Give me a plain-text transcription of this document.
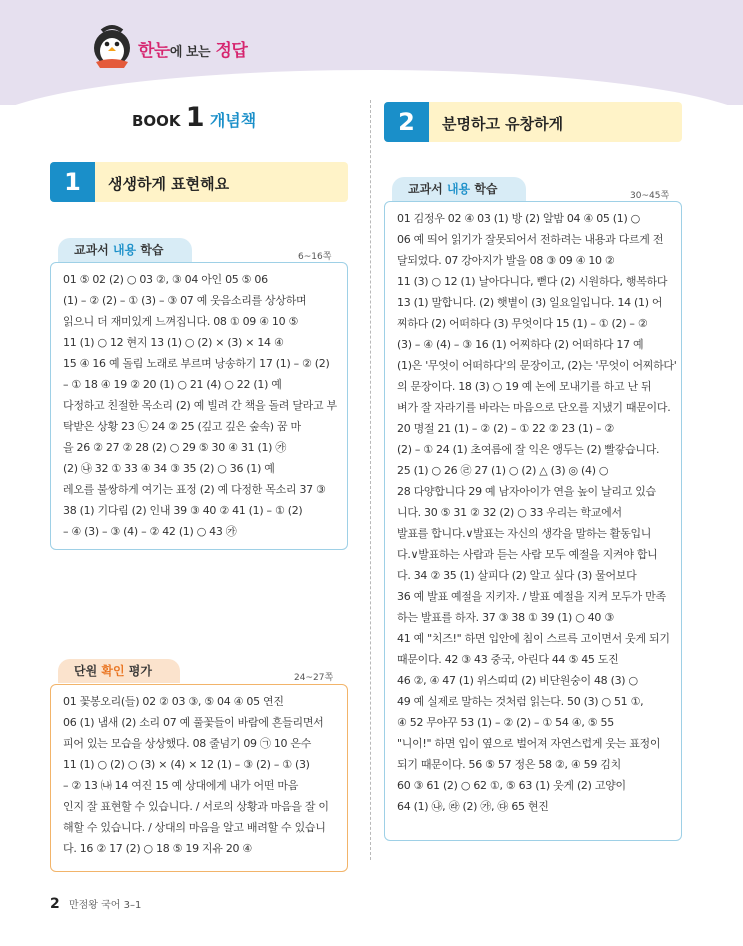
한눈에 보는 정답
BOOK 1 개념책
1	생생하게 표현해요
교과서 내용 학습	6~16쪽
01 ⑤ 02 (2) ○ 03 ②, ③ 04 아인 05 ⑤ 06
(1) – ② (2) – ① (3) – ③ 07 예 웃음소리를 상상하며
읽으니 더 재미있게 느껴집니다. 08 ① 09 ④ 10 ⑤
11 (1) ○ 12 현지 13 (1) ○ (2) × (3) × 14 ④
15 ④ 16 예 돌림 노래로 부르며 낭송하기 17 (1) – ② (2)
– ① 18 ④ 19 ② 20 (1) ○ 21 (4) ○ 22 (1) 예
다정하고 친절한 목소리 (2) 예 빌려 간 책을 돌려 달라고 부
탁받은 상황 23 ㉡ 24 ② 25 (깊고 깊은 숲속) 꿈 마
을 26 ② 27 ② 28 (2) ○ 29 ⑤ 30 ④ 31 (1) ㉮
(2) ㉯ 32 ① 33 ④ 34 ③ 35 (2) ○ 36 (1) 예
레오를 불쌍하게 여기는 표정 (2) 예 다정한 목소리 37 ③
38 (1) 기다림 (2) 인내 39 ③ 40 ② 41 (1) – ① (2)
– ④ (3) – ③ (4) – ② 42 (1) ○ 43 ㉮
단원 확인 평가	24~27쪽
01 꽃봉오리(들) 02 ② 03 ③, ⑤ 04 ④ 05 연진
06 (1) 냄새 (2) 소리 07 예 풀꽃들이 바람에 흔들리면서
피어 있는 모습을 상상했다. 08 줄넘기 09 ㉠ 10 은수
11 (1) ○ (2) ○ (3) × (4) × 12 (1) – ③ (2) – ① (3)
– ② 13 ㈏ 14 여진 15 예 상대에게 내가 어떤 마음
인지 잘 표현할 수 있습니다. / 서로의 상황과 마음을 잘 이
해할 수 있습니다. / 상대의 마음을 알고 배려할 수 있습니
다. 16 ② 17 (2) ○ 18 ⑤ 19 지유 20 ④
2	분명하고 유창하게
교과서 내용 학습	30~45쪽
01 김정우 02 ④ 03 (1) 방 (2) 알밤 04 ④ 05 (1) ○
06 예 띄어 읽기가 잘못되어서 전하려는 내용과 다르게 전
달되었다. 07 강아지가 발을 08 ③ 09 ④ 10 ②
11 (3) ○ 12 (1) 날아다니다, 뻗다 (2) 시원하다, 행복하다
13 (1) 말합니다. (2) 햇볕이 (3) 일요일입니다. 14 (1) 어
찌하다 (2) 어떠하다 (3) 무엇이다 15 (1) – ① (2) – ②
(3) – ④ (4) – ③ 16 (1) 어찌하다 (2) 어떠하다 17 예
(1)은 '무엇이 어떠하다'의 문장이고, (2)는 '무엇이 어찌하다'
의 문장이다. 18 (3) ○ 19 예 논에 모내기를 하고 난 뒤
벼가 잘 자라기를 바라는 마음으로 단오를 지냈기 때문이다.
20 명절 21 (1) – ② (2) – ① 22 ② 23 (1) – ②
(2) – ① 24 (1) 초여름에 잘 익은 앵두는 (2) 빨갛습니다.
25 (1) ○ 26 ㉣ 27 (1) ○ (2) △ (3) ◎ (4) ○
28 다양합니다 29 예 남자아이가 연을 높이 날리고 있습
니다. 30 ⑤ 31 ② 32 (2) ○ 33 우리는 학교에서
발표를 합니다.∨발표는 자신의 생각을 말하는 활동입니
다.∨발표하는 사람과 듣는 사람 모두 예절을 지켜야 합니
다. 34 ② 35 (1) 살피다 (2) 알고 싶다 (3) 물어보다
36 예 발표 예절을 지키자. / 발표 예절을 지켜 모두가 만족
하는 발표를 하자. 37 ③ 38 ① 39 (1) ○ 40 ③
41 예 "치즈!" 하면 입안에 침이 스르륵 고이면서 웃게 되기
때문이다. 42 ③ 43 중국, 아린다 44 ⑤ 45 도진
46 ②, ④ 47 (1) 위스띠띠 (2) 비단원숭이 48 (3) ○
49 예 실제로 말하는 것처럼 읽는다. 50 (3) ○ 51 ①,
④ 52 무야꾸 53 (1) – ② (2) – ① 54 ④, ⑤ 55
"니이!" 하면 입이 옆으로 벌어져 자연스럽게 웃는 표정이
되기 때문이다. 56 ⑤ 57 정은 58 ②, ④ 59 김치
60 ③ 61 (2) ○ 62 ①, ⑤ 63 (1) 웃게 (2) 고양이
64 (1) ㉯, ㉱ (2) ㉮, ㉰ 65 현진
2 만점왕 국어 3–1
